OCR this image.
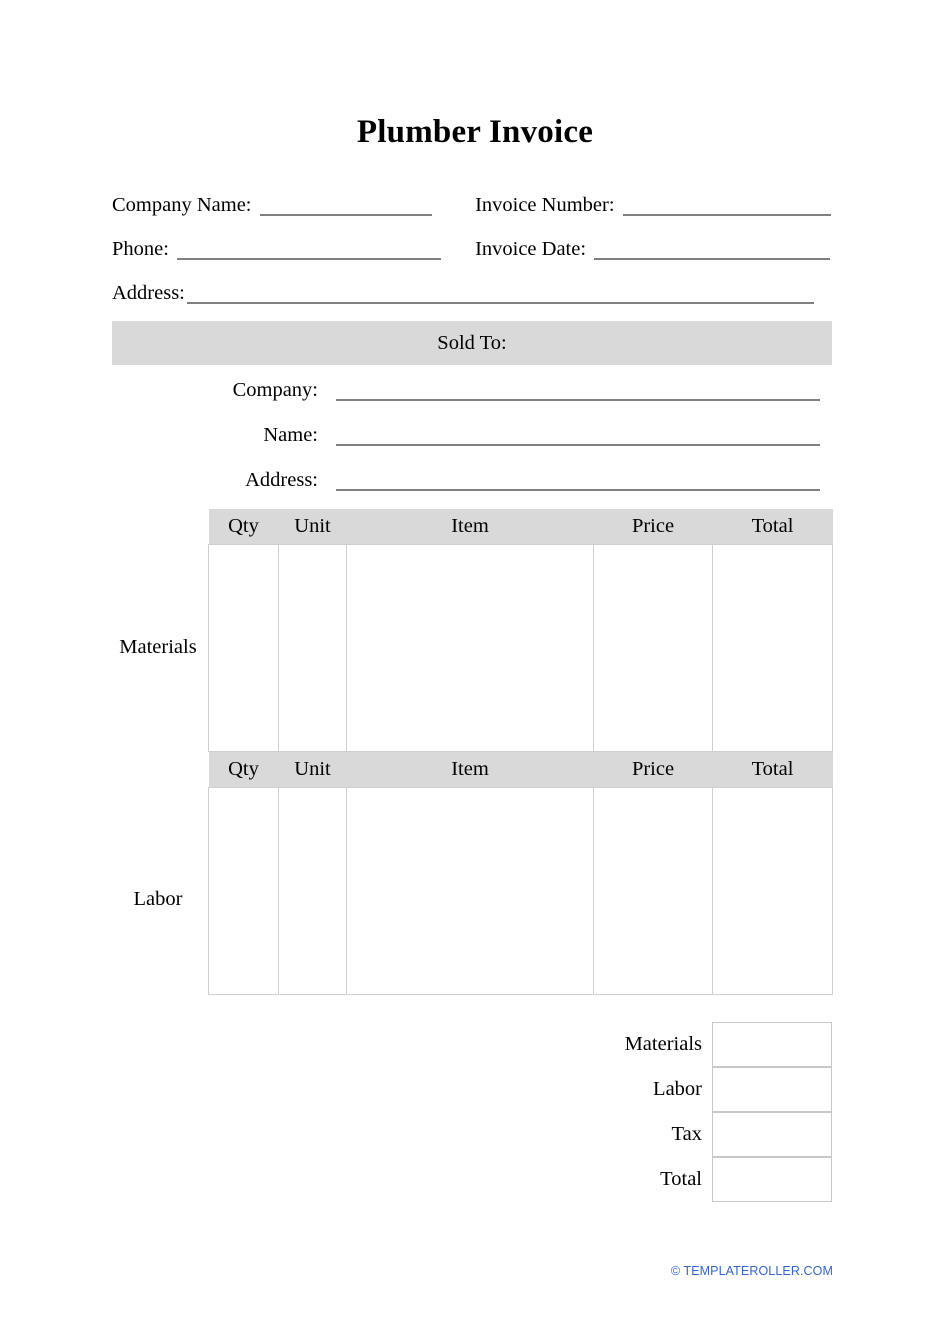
Plumber Invoice
Company Name:	Invoice Number:
Phone:	Invoice Date:
Address:
Sold To:
Company:
Name:
Address:
Materials
Qty	Unit	Item	Price	Total

Labor
Qty	Unit	Item	Price	Total

Materials
Labor
Tax
Total
© TEMPLATEROLLER.COM
